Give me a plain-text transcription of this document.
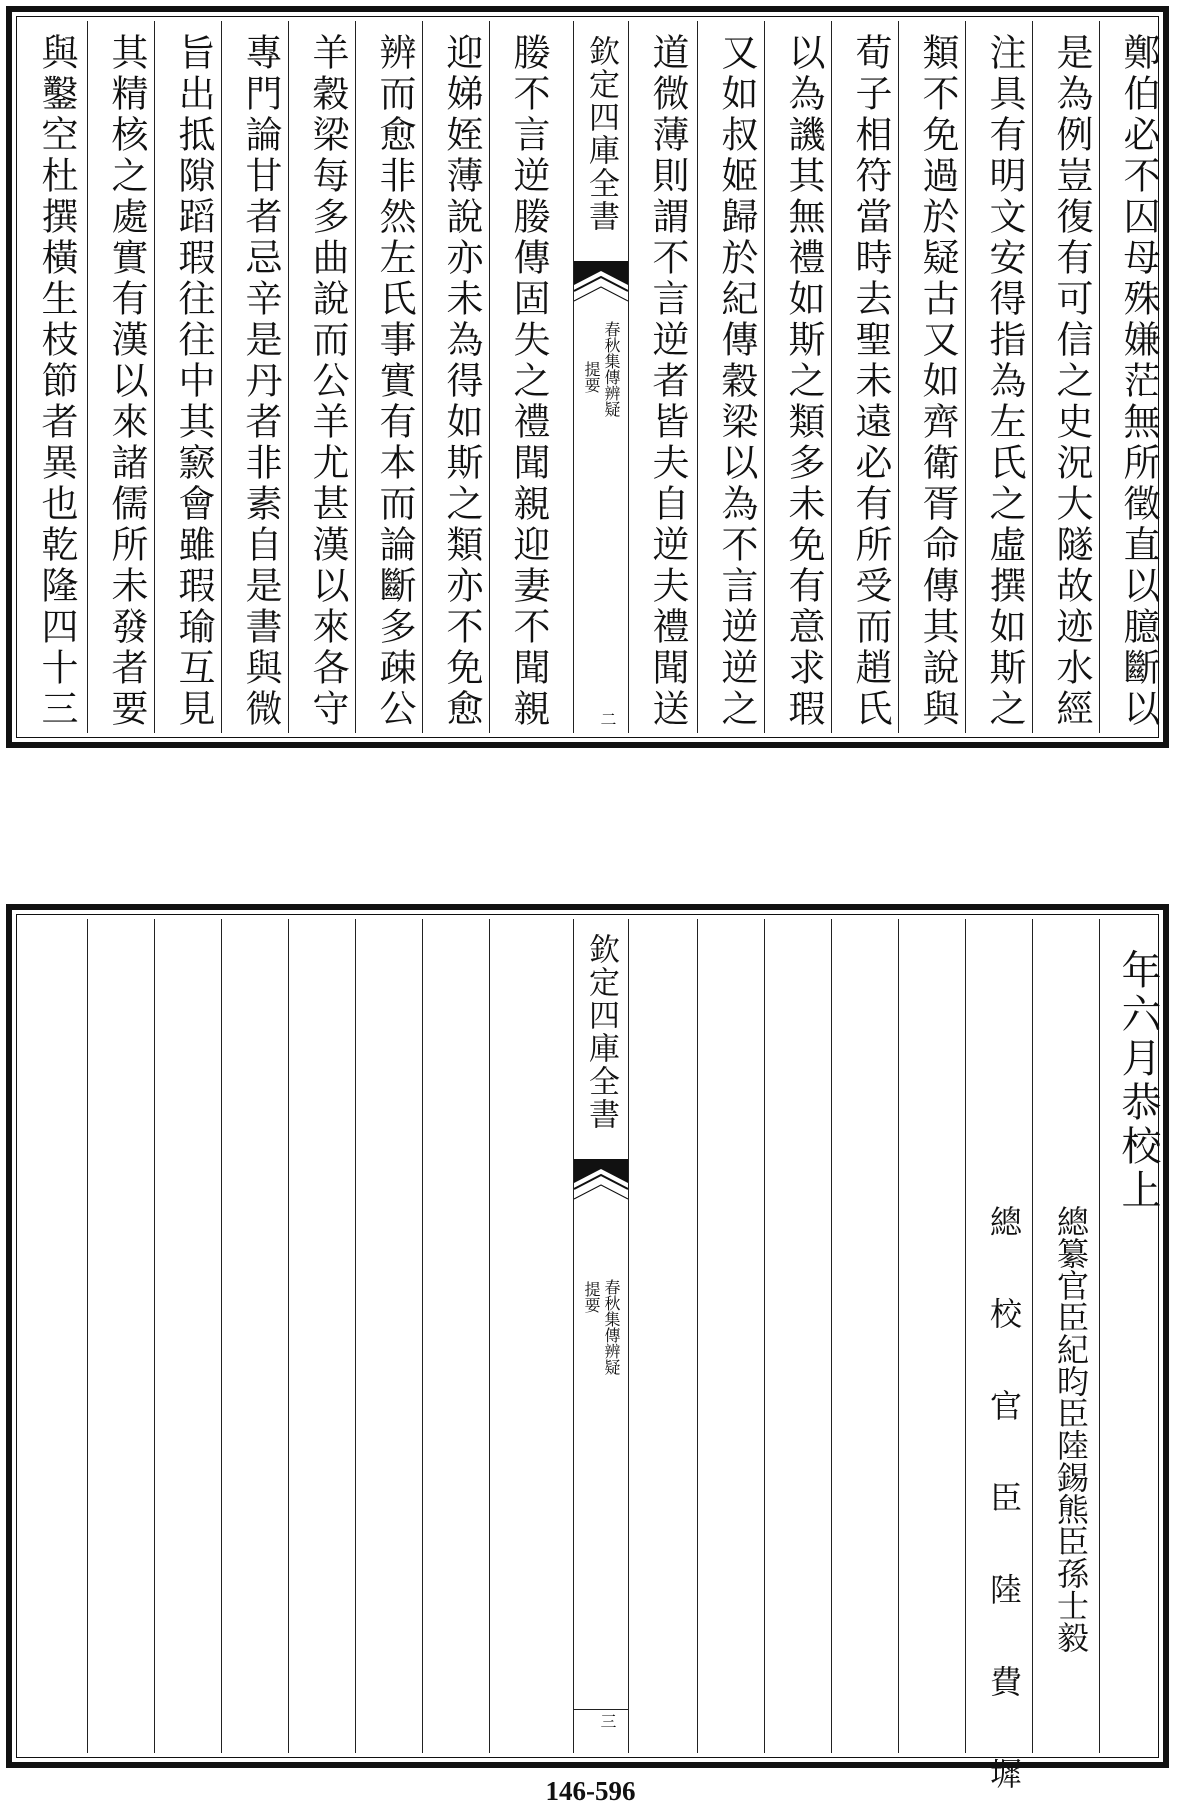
欽定四庫全書
春秋集傳辨疑
提要
二	鄭伯必不囚母殊嫌茫無所徵直以臆斷以
是為例豈復有可信之史況大隧故迹水經
注具有明文安得指為左氏之虛撰如斯之
類不免過於疑古又如齊衛胥命傳其說與
荀子相符當時去聖未遠必有所受而趙氏
以為譏其無禮如斯之類多未免有意求瑕
又如叔姬歸於紀傳穀梁以為不言逆逆之
道微薄則謂不言逆者皆夫自逆夫禮聞送
媵不言逆媵傳固失之禮聞親迎妻不聞親
迎娣姪薄說亦未為得如斯之類亦不免愈
辨而愈非然左氏事實有本而論斷多疎公
羊穀梁每多曲說而公羊尤甚漢以來各守
專門論甘者忌辛是丹者非素自是書與微
旨出抵隙蹈瑕往往中其窾會雖瑕瑜互見
其精核之處實有漢以來諸儒所未發者要
與鑿空杜撰橫生枝節者異也乾隆四十三
欽定四庫全書
春秋集傳辨疑
提要
三
年六月恭校上
總纂官臣紀昀臣陸錫熊臣孫士毅
總　校　官　臣　陸　費　墀
146-596
